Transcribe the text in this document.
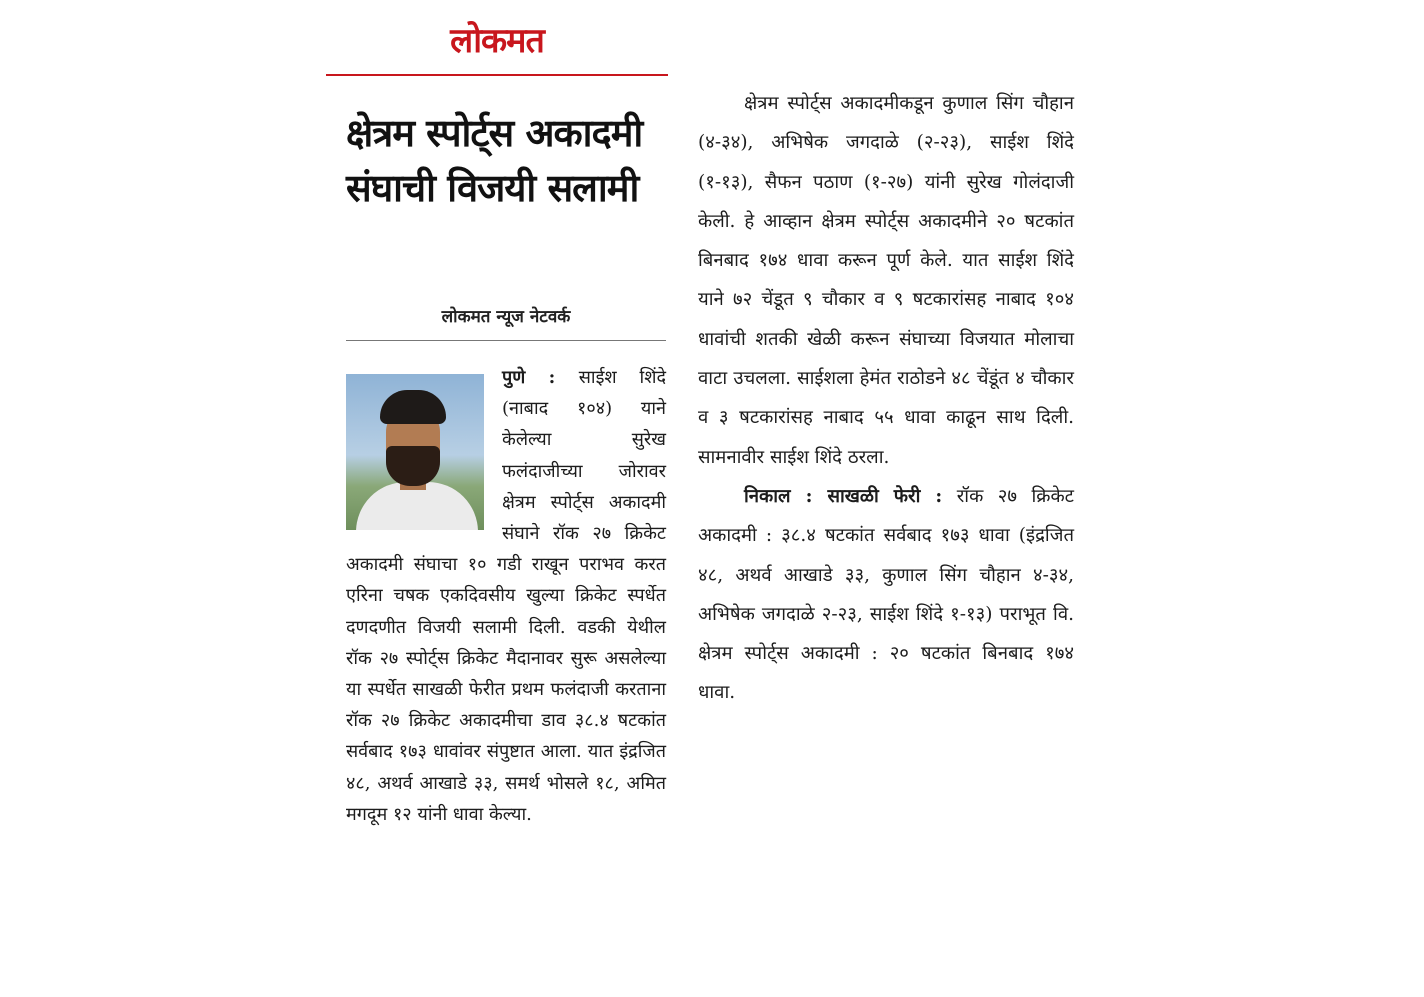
लोकमत
क्षेत्रम स्पोर्ट्स अकादमी संघाची विजयी सलामी
लोकमत न्यूज नेटवर्क
पुणे :
साईश शिंदे (नाबाद १०४) याने केलेल्या सुरेख फलंदाजीच्या जोरावर क्षेत्रम स्पोर्ट्स अकादमी संघाने रॉक २७ क्रिकेट अकादमी संघाचा १० गडी राखून पराभव करत एरिना चषक एकदिवसीय खुल्या क्रिकेट स्पर्धेत दणदणीत विजयी सलामी दिली. वडकी येथील रॉक २७ स्पोर्ट्स क्रिकेट मैदानावर सुरू असलेल्या या स्पर्धेत साखळी फेरीत प्रथम फलंदाजी करताना रॉक २७ क्रिकेट अकादमीचा डाव ३८.४ षटकांत सर्वबाद १७३ धावांवर संपुष्टात आला. यात इंद्रजित ४८, अथर्व आखाडे ३३, समर्थ भोसले १८, अमित मगदूम १२ यांनी धावा केल्या.

क्षेत्रम स्पोर्ट्स अकादमीकडून कुणाल सिंग चौहान (४-३४), अभिषेक जगदाळे (२-२३), साईश शिंदे (१-१३), सैफन पठाण (१-२७) यांनी सुरेख गोलंदाजी केली. हे आव्हान क्षेत्रम स्पोर्ट्स अकादमीने २० षटकांत बिनबाद १७४ धावा करून पूर्ण केले. यात साईश शिंदे याने ७२ चेंडूत ९ चौकार व ९ षटकारांसह नाबाद १०४ धावांची शतकी खेळी करून संघाच्या विजयात मोलाचा वाटा उचलला. साईशला हेमंत राठोडने ४८ चेंडूंत ४ चौकार व ३ षटकारांसह नाबाद ५५ धावा काढून साथ दिली. सामनावीर साईश शिंदे ठरला.

निकाल : साखळी फेरी : रॉक २७ क्रिकेट अकादमी : ३८.४ षटकांत सर्वबाद १७३ धावा (इंद्रजित ४८, अथर्व आखाडे ३३, कुणाल सिंग चौहान ४-३४, अभिषेक जगदाळे २-२३, साईश शिंदे १-१३) पराभूत वि. क्षेत्रम स्पोर्ट्स अकादमी : २० षटकांत बिनबाद १७४ धावा.
